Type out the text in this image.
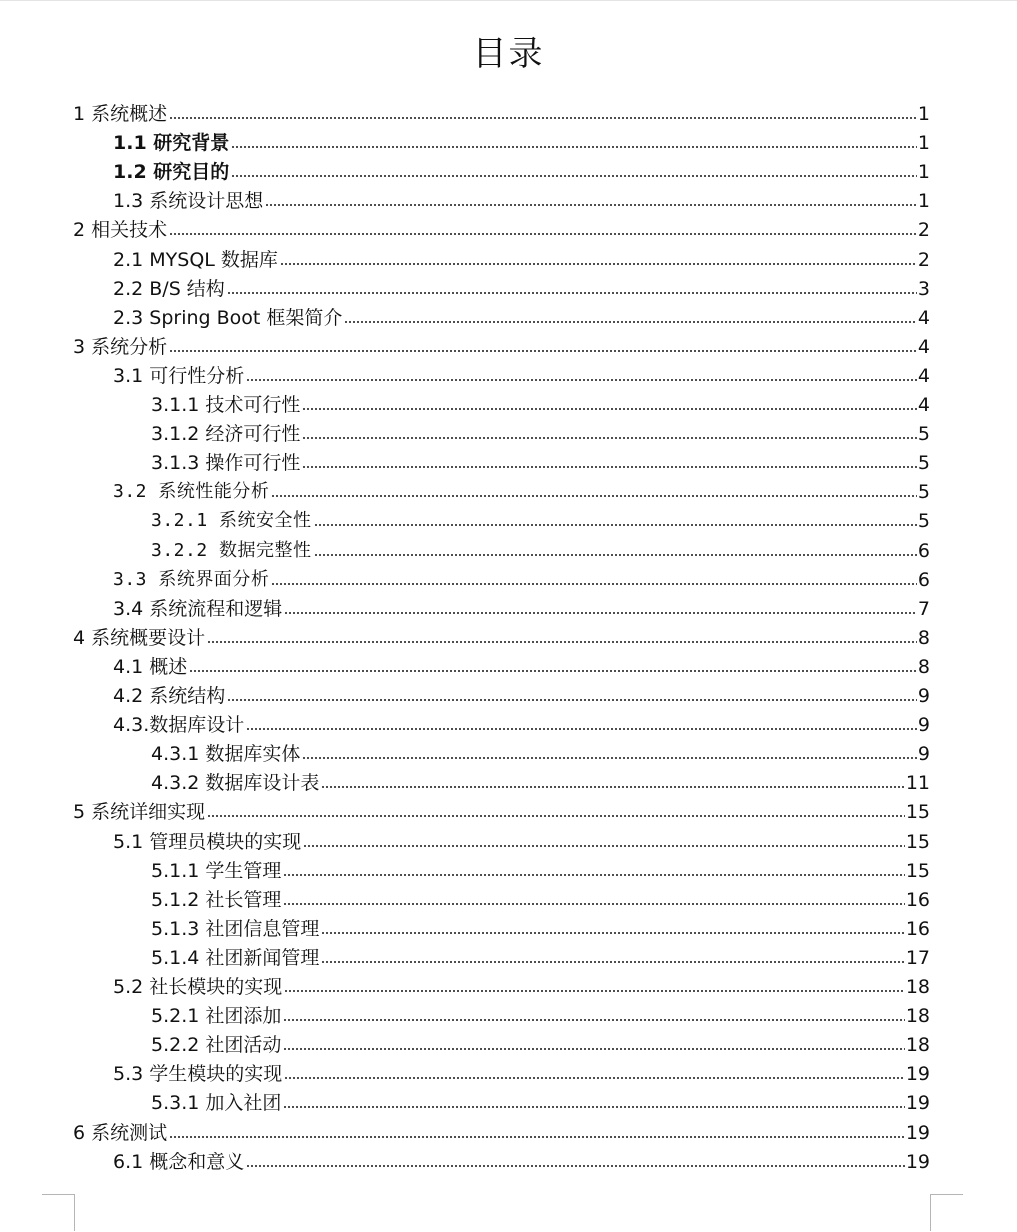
目录
1 系统概述	1
1.1 研究背景	1
1.2 研究目的	1
1.3 系统设计思想	1
2 相关技术	2
2.1 MYSQL 数据库	2
2.2 B/S 结构	3
2.3 Spring Boot 框架简介	4
3 系统分析	4
3.1 可行性分析	4
3.1.1 技术可行性	4
3.1.2 经济可行性	5
3.1.3 操作可行性	5
3.2 系统性能分析	5
3.2.1 系统安全性	5
3.2.2 数据完整性	6
3.3 系统界面分析	6
3.4 系统流程和逻辑	7
4 系统概要设计	8
4.1 概述	8
4.2 系统结构	9
4.3.数据库设计	9
4.3.1 数据库实体	9
4.3.2 数据库设计表	11
5 系统详细实现	15
5.1 管理员模块的实现	15
5.1.1 学生管理	15
5.1.2 社长管理	16
5.1.3 社团信息管理	16
5.1.4 社团新闻管理	17
5.2 社长模块的实现	18
5.2.1 社团添加	18
5.2.2 社团活动	18
5.3 学生模块的实现	19
5.3.1 加入社团	19
6 系统测试	19
6.1 概念和意义	19
